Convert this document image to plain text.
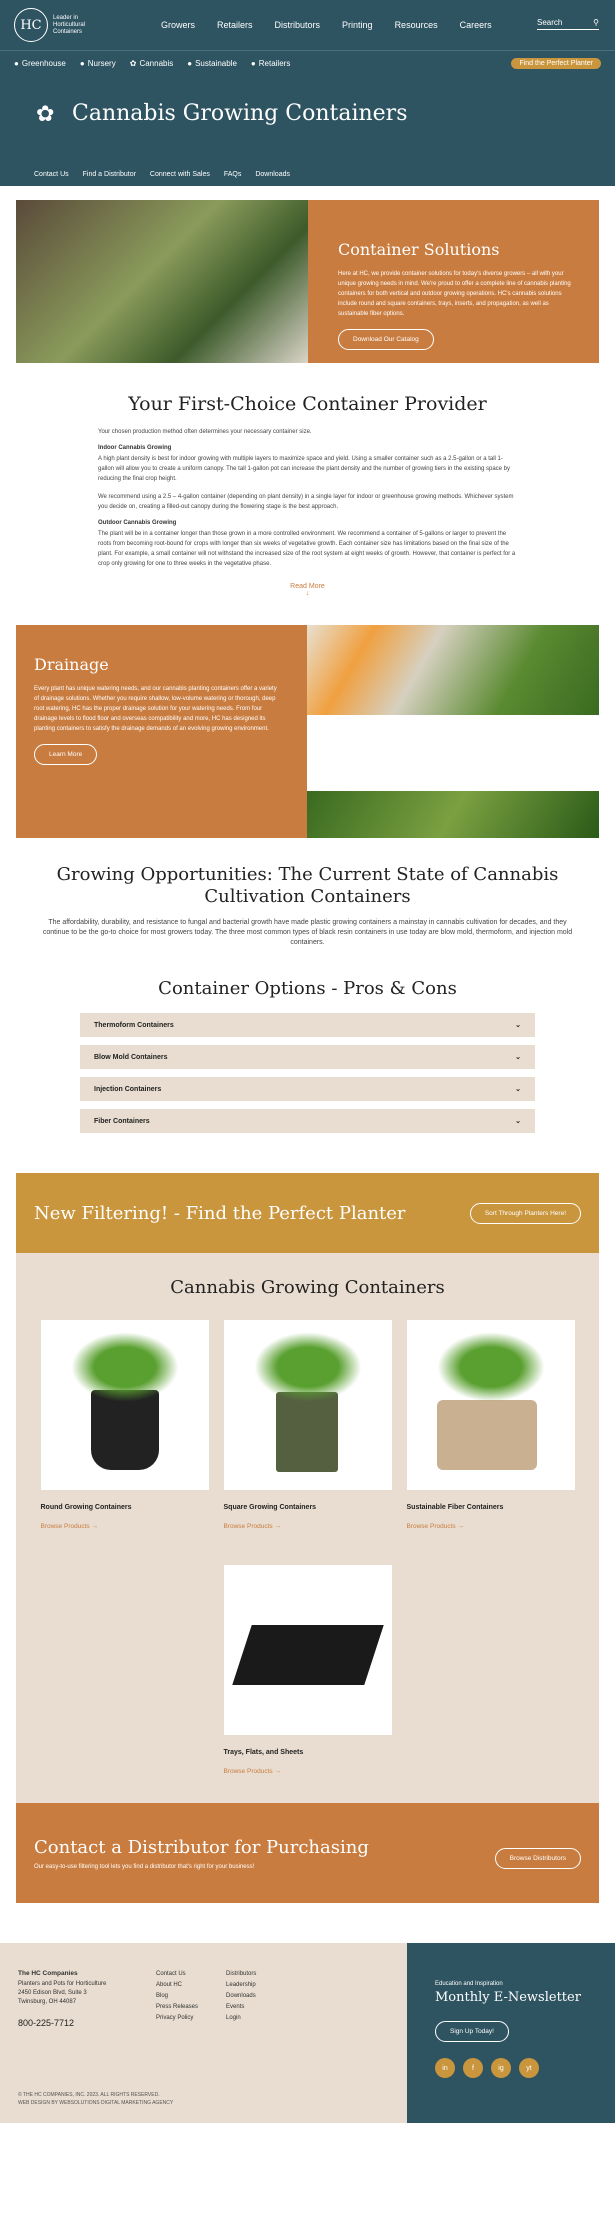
HC	Leader in
Horticultural
Containers
Growers Retailers Distributors Printing Resources Careers	Search	⚲
● Greenhouse ● Nursery ✿ Cannabis ● Sustainable ● Retailers	Find the Perfect Planter
✿ Cannabis Growing Containers
Contact Us Find a Distributor Connect with Sales FAQs Downloads
Container Solutions

Here at HC, we provide container solutions for today's diverse growers – all with your unique growing needs in mind. We're proud to offer a complete line of cannabis planting containers for both vertical and outdoor growing operations. HC's cannabis solutions include round and square containers, trays, inserts, and propagation, as well as sustainable fiber options.

Download Our Catalog
Your First-Choice Container Provider

Your chosen production method often determines your necessary container size.

Indoor Cannabis Growing

A high plant density is best for indoor growing with multiple layers to maximize space and yield. Using a smaller container such as a 2.5-gallon or a tall 1-gallon will allow you to create a uniform canopy. The tall 1-gallon pot can increase the plant density and the number of growing tiers in the existing space by reducing the final crop height.

We recommend using a 2.5 – 4-gallon container (depending on plant density) in a single layer for indoor or greenhouse growing methods. Whichever system you decide on, creating a filled-out canopy during the flowering stage is the best approach.

Outdoor Cannabis Growing

The plant will be in a container longer than those grown in a more controlled environment. We recommend a container of 5-gallons or larger to prevent the roots from becoming root-bound for crops with longer than six weeks of vegetative growth. Each container size has limitations based on the final size of the plant. For example, a small container will not withstand the increased size of the root system at eight weeks of growth. However, that container is perfect for a crop only growing for one to three weeks in the vegetative phase.

Read More
↓
Drainage

Every plant has unique watering needs, and our cannabis planting containers offer a variety of drainage solutions. Whether you require shallow, low-volume watering or thorough, deep root watering, HC has the proper drainage solution for your watering needs. From four drainage levels to flood floor and overseas compatibility and more, HC has designed its planting containers to satisfy the drainage demands of an evolving growing environment.

Learn More
Growing Opportunities: The Current State of Cannabis Cultivation Containers

The affordability, durability, and resistance to fungal and bacterial growth have made plastic growing containers a mainstay in cannabis cultivation for decades, and they continue to be the go-to choice for most growers today. The three most common types of black resin containers in use today are blow mold, thermoform, and injection mold containers.

Container Options - Pros & Cons
Thermoform Containers	⌄
Blow Mold Containers	⌄
Injection Containers	⌄
Fiber Containers	⌄
New Filtering! - Find the Perfect Planter	Sort Through Planters Here!
Cannabis Growing Containers
Round Growing Containers
Browse Products →
Square Growing Containers
Browse Products →
Sustainable Fiber Containers
Browse Products →
Trays, Flats, and Sheets
Browse Products →
Contact a Distributor for Purchasing

Our easy-to-use filtering tool lets you find a distributor that's right for your business!

Browse Distributors
The HC Companies
Planters and Pots for Horticulture
2450 Edison Blvd, Suite 3
Twinsburg, OH 44087
800-225-7712
Contact Us
About HC
Blog
Press Releases
Privacy Policy
Distributors
Leadership
Downloads
Events
Login
© THE HC COMPANIES, INC. 2023. ALL RIGHTS RESERVED.
WEB DESIGN BY WEBSOLUTIONS DIGITAL MARKETING AGENCY
Education and Inspiration
Monthly E-Newsletter
Sign Up Today!
in	f	ig	yt
